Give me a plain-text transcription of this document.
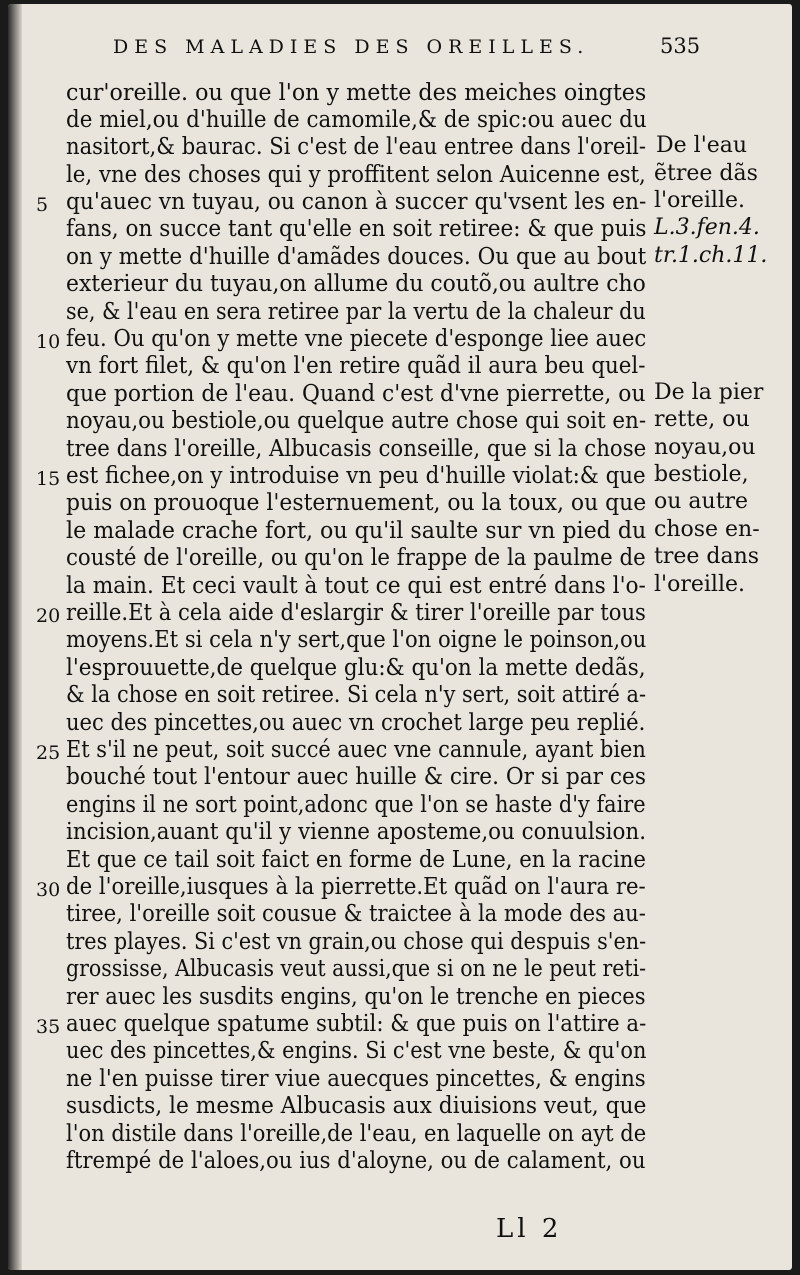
DES MALADIES DES OREILLES.	535
cur'oreille. ou que l'on y mette des meiches oingtes
de miel,ou d'huille de camomile,& de spic:ou auec du
nasitort,& baurac. Si c'est de l'eau entree dans l'oreil-
le, vne des choses qui y proffitent selon Auicenne est,
qu'auec vn tuyau, ou canon à succer qu'vsent les en-
fans, on succe tant qu'elle en soit retiree: & que puis
on y mette d'huille d'amãdes douces. Ou que au bout
exterieur du tuyau,on allume du coutõ,ou aultre cho
se, & l'eau en sera retiree par la vertu de la chaleur du
feu. Ou qu'on y mette vne piecete d'esponge liee auec
vn fort filet, & qu'on l'en retire quãd il aura beu quel-
que portion de l'eau. Quand c'est d'vne pierrette, ou
noyau,ou bestiole,ou quelque autre chose qui soit en-
tree dans l'oreille, Albucasis conseille, que si la chose
est fichee,on y introduise vn peu d'huille violat:& que
puis on prouoque l'esternuement, ou la toux, ou que
le malade crache fort, ou qu'il saulte sur vn pied du
cousté de l'oreille, ou qu'on le frappe de la paulme de
la main. Et ceci vault à tout ce qui est entré dans l'o-
reille.Et à cela aide d'eslargir & tirer l'oreille par tous
moyens.Et si cela n'y sert,que l'on oigne le poinson,ou
l'esprouuette,de quelque glu:& qu'on la mette dedãs,
& la chose en soit retiree. Si cela n'y sert, soit attiré a-
uec des pincettes,ou auec vn crochet large peu replié.
Et s'il ne peut, soit succé auec vne cannule, ayant bien
bouché tout l'entour auec huille & cire. Or si par ces
engins il ne sort point,adonc que l'on se haste d'y faire
incision,auant qu'il y vienne aposteme,ou conuulsion.
Et que ce tail soit faict en forme de Lune, en la racine
de l'oreille,iusques à la pierrette.Et quãd on l'aura re-
tiree, l'oreille soit cousue & traictee à la mode des au-
tres playes. Si c'est vn grain,ou chose qui despuis s'en-
grossisse, Albucasis veut aussi,que si on ne le peut reti-
rer auec les susdits engins, qu'on le trenche en pieces
auec quelque spatume subtil: & que puis on l'attire a-
uec des pincettes,& engins. Si c'est vne beste, & qu'on
ne l'en puisse tirer viue auecques pincettes, & engins
susdicts, le mesme Albucasis aux diuisions veut, que
l'on distile dans l'oreille,de l'eau, en laquelle on ayt de
ftrempé de l'aloes,ou ius d'aloyne, ou de calament, ou
5
10
15
20
25
30
35
De l'eau
ẽtree dãs
l'oreille.
L.3.fen.4.
tr.1.ch.11.
De la pier
rette, ou
noyau,ou
bestiole,
ou autre
chose en-
tree dans
l'oreille.
Ll 2
